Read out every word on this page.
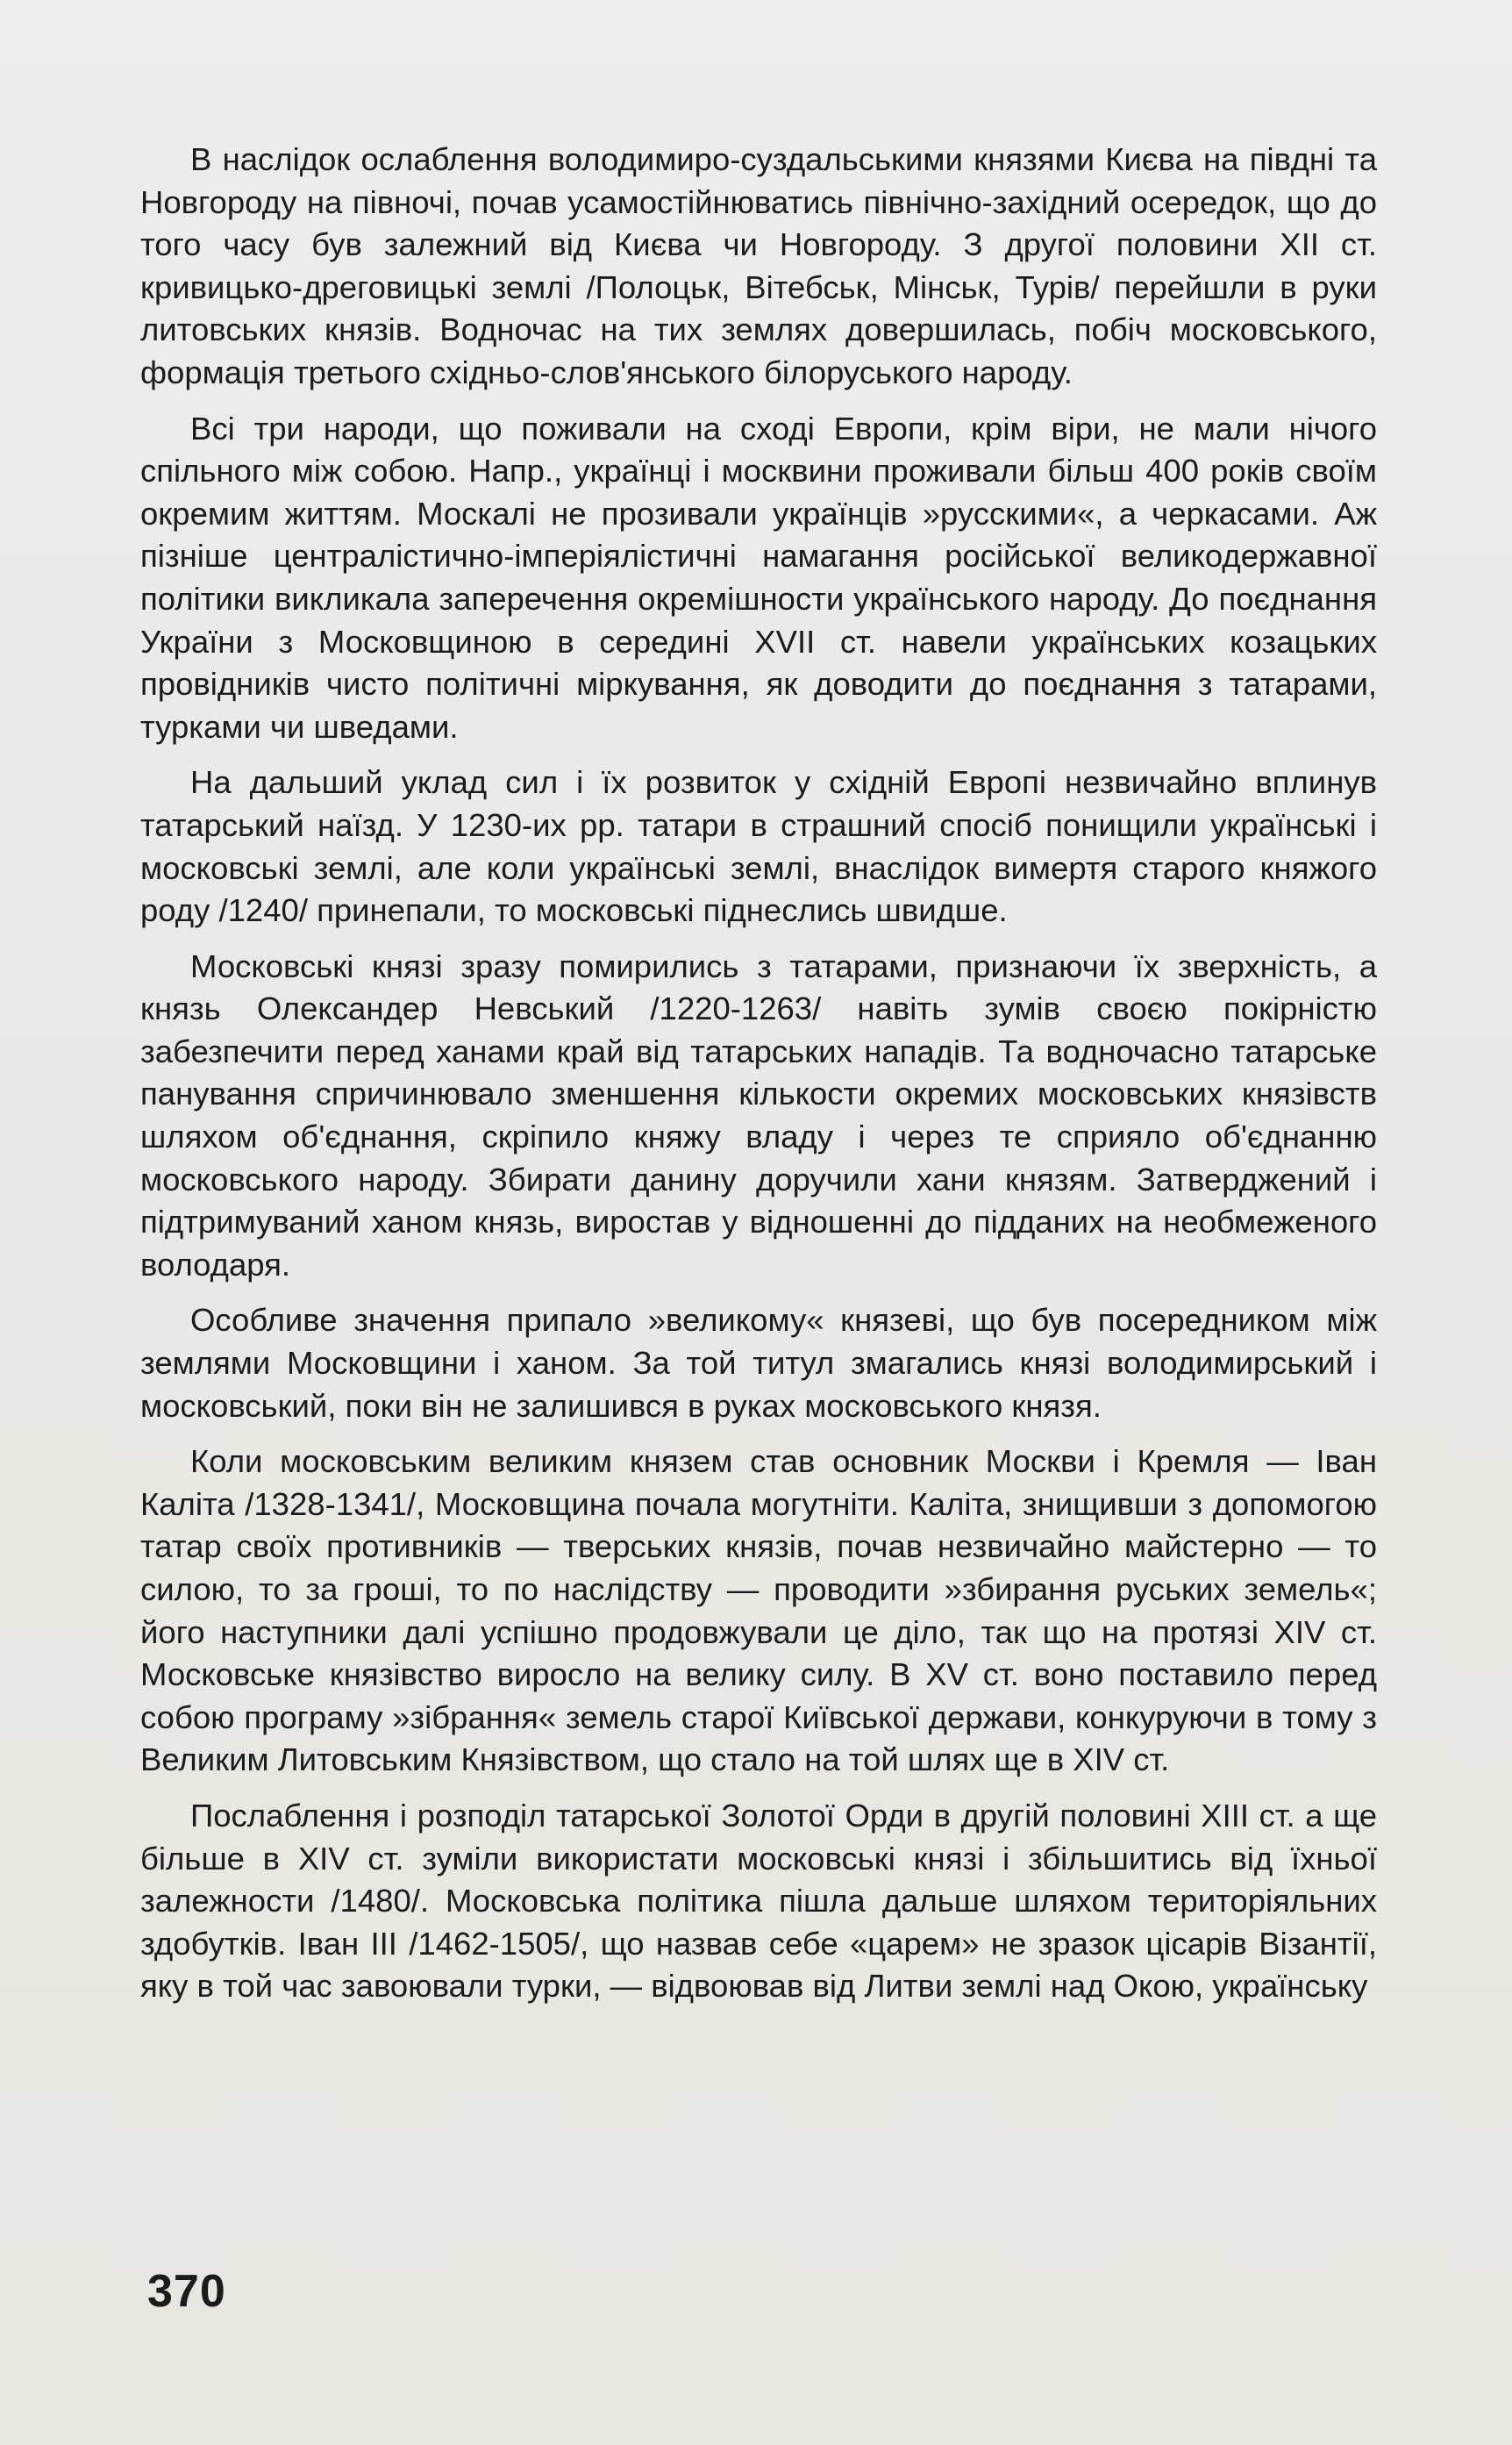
В наслідок ослаблення володимиро-суздальськими князями Києва на півдні та Новгороду на півночі, почав усамостійнюватись північно-західний осередок, що до того часу був залежний від Києва чи Новгороду. З другої половини XII ст. кривицько-дреговицькі землі /Полоцьк, Вітебськ, Мінськ, Турів/ перейшли в руки литовських князів. Водночас на тих землях довершилась, побіч московського, формація третього східньо-слов'янського білоруського народу.

Всі три народи, що поживали на сході Европи, крім віри, не мали нічого спільного між собою. Напр., українці і москвини проживали більш 400 років своїм окремим життям. Москалі не прозивали українців »русскими«, а черкасами. Аж пізніше централістично-імперіялістичні намагання російської великодержавної політики викликала заперечення окремішности українського народу. До поєднання України з Московщиною в середині XVII ст. навели українських козацьких провідників чисто політичні міркування, як доводити до поєднання з татарами, турками чи шведами.

На дальший уклад сил і їх розвиток у східній Европі незвичайно вплинув татарський наїзд. У 1230-их рр. татари в страшний спосіб понищили українські і московські землі, але коли українські землі, внаслідок вимертя старого княжого роду /1240/ принепали, то московські піднеслись швидше.

Московські князі зразу помирились з татарами, признаючи їх зверхність, а князь Олександер Невський /1220-1263/ навіть зумів своєю покірністю забезпечити перед ханами край від татарських нападів. Та водночасно татарське панування спричинювало зменшення кількости окремих московських князівств шляхом об'єднання, скріпило княжу владу і через те сприяло об'єднанню московського народу. Збирати данину доручили хани князям. Затверджений і підтримуваний ханом князь, виростав у відношенні до підданих на необмеженого володаря.

Особливе значення припало »великому« князеві, що був посередником між землями Московщини і ханом. За той титул змагались князі володимирський і московський, поки він не залишився в руках московського князя.

Коли московським великим князем став основник Москви і Кремля — Іван Каліта /1328-1341/, Московщина почала могутніти. Каліта, знищивши з допомогою татар своїх противників — тверських князів, почав незвичайно майстерно — то силою, то за гроші, то по наслідству — проводити »збирання руських земель«; його наступники далі успішно продовжували це діло, так що на протязі XIV ст. Московське князівство виросло на велику силу. В XV ст. воно поставило перед собою програму »зібрання« земель старої Київської держави, конкуруючи в тому з Великим Литовським Князівством, що стало на той шлях ще в XIV ст.

Послаблення і розподіл татарської Золотої Орди в другій половині XIII ст. а ще більше в XIV ст. зуміли використати московські князі і збільшитись від їхньої залежности /1480/. Московська політика пішла дальше шляхом територіяльних здобутків. Іван III /1462-1505/, що назвав себе «царем» не зразок цісарів Візантії, яку в той час завоювали турки, — відвоював від Литви землі над Окою, українську

370
